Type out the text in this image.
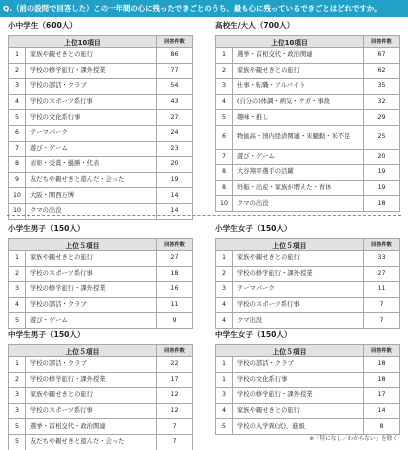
Q.（前の設問で回答した）この一年間の心に残ったできごとのうち、最も心に残っているできごとはどれですか。
小中学生（600人）
上位10項目		回答件数
1	家族や親せきとの旅行	86
2	学校の修学旅行・課外授業	77
3	学校の部活・クラブ	54
4	学校のスポーツ系行事	43
5	学校の文化系行事	27
6	テーマパーク	24
7	遊び・ゲーム	23
8	表彰・受賞・優勝・代表	20
9	友だちや親せきと遊んだ・会った	19
10	大阪・関西万博	14
10	クマの出没	14
高校生/大人（700人）
上位10項目		回答件数
1	選挙・首相交代・政治関連	67
2	家族や親せきとの旅行	62
3	仕事・転職・アルバイト	35
4	(自分の)体調・病気・ケガ・事故	32
5	趣味・推し	29
6	物価高・国内経済関連・米騒動・米不足	25
7	遊び・ゲーム	20
8	大谷翔平選手の活躍	19
8	妊娠・出産・家族が増えた・育休	19
10	クマの出没	18
小学生男子（150人）
上位５項目		回答件数
1	家族や親せきとの旅行	27
2	学校のスポーツ系行事	18
3	学校の修学旅行・課外授業	16
4	学校の部活・クラブ	11
5	遊び・ゲーム	9
小学生女子（150人）
上位５項目		回答件数
1	家族や親せきとの旅行	33
2	学校の修学旅行・課外授業	27
3	テーマパーク	11
4	学校のスポーツ系行事	7
4	クマ出没	7
中学生男子（150人）
上位５項目		回答件数
1	学校の部活・クラブ	22
2	学校の修学旅行・課外授業	17
3	家族や親せきとの旅行	12
3	学校のスポーツ系行事	12
5	選挙・首相交代・政治関連	7
5	友だちや親せきと遊んだ・会った	7
中学生女子（150人）
上位５項目		回答件数
1	学校の部活・クラブ	18
1	学校の文化系行事	18
3	学校の修学旅行・課外授業	17
4	家族や親せきとの旅行	14
5	学校の入学異(式)、進級	8
※「特になし／わからない」を除く
